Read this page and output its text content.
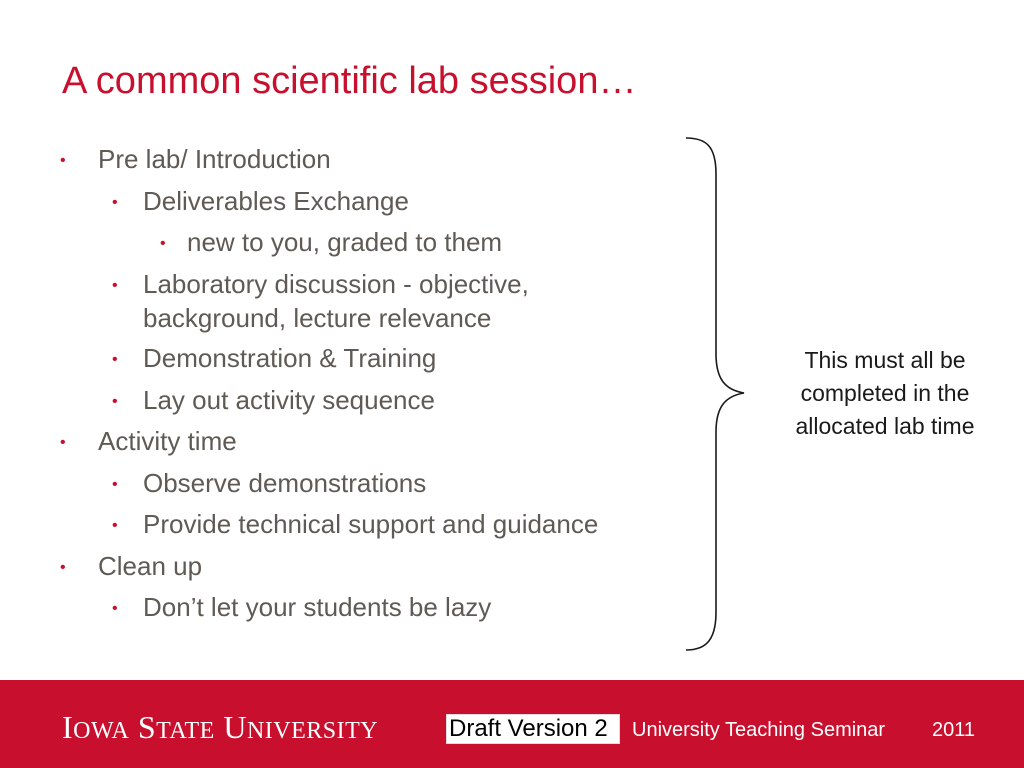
A common scientific lab session…
• Pre lab/ Introduction
• Deliverables Exchange
• new to you, graded to them
• Laboratory discussion - objective,
background, lecture relevance
• Demonstration & Training
• Lay out activity sequence
• Activity time
• Observe demonstrations
• Provide technical support and guidance
• Clean up
• Don’t let your students be lazy
This must all be
completed in the
allocated lab time
IOWA STATE UNIVERSITY	Draft Version 2 University Teaching Seminar 2011
